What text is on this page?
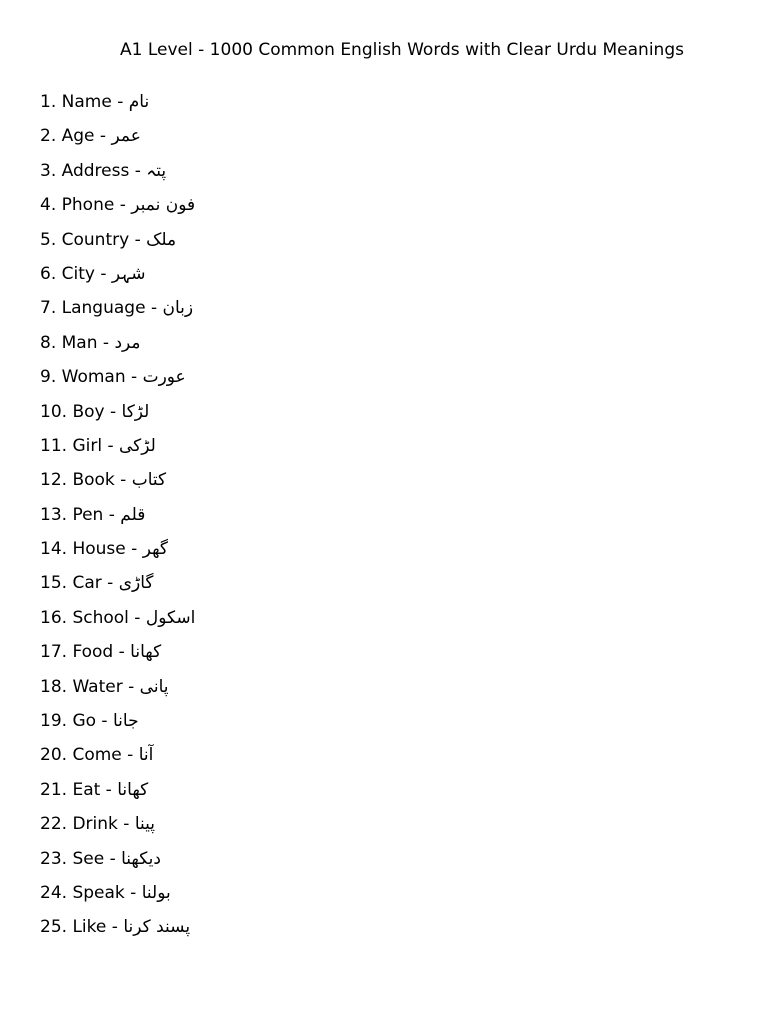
A1 Level - 1000 Common English Words with Clear Urdu Meanings
1. Name - نام
2. Age - عمر
3. Address - پتہ
4. Phone - فون نمبر
5. Country - ملک
6. City - شہر
7. Language - زبان
8. Man - مرد
9. Woman - عورت
10. Boy - لڑکا
11. Girl - لڑکی
12. Book - کتاب
13. Pen - قلم
14. House - گھر
15. Car - گاڑی
16. School - اسکول
17. Food - کھانا
18. Water - پانی
19. Go - جانا
20. Come - آنا
21. Eat - کھانا
22. Drink - پینا
23. See - دیکھنا
24. Speak - بولنا
25. Like - پسند کرنا
